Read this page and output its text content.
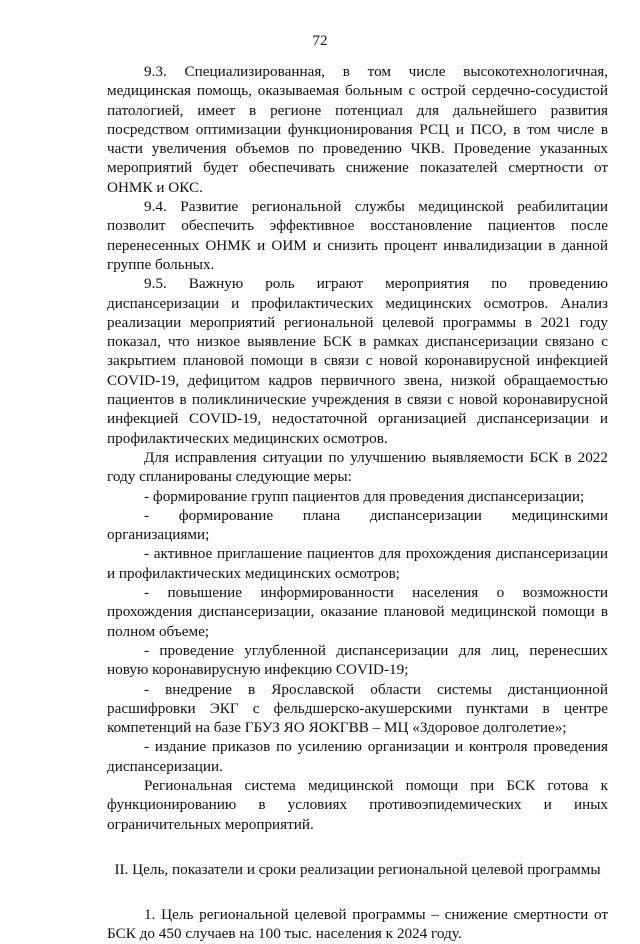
72

9.3. Специализированная, в том числе высокотехнологичная, медицинская помощь, оказываемая больным с острой сердечно-сосудистой патологией, имеет в регионе потенциал для дальнейшего развития посредством оптимизации функционирования РСЦ и ПСО, в том числе в части увеличения объемов по проведению ЧКВ. Проведение указанных мероприятий будет обеспечивать снижение показателей смертности от ОНМК и ОКС.

9.4. Развитие региональной службы медицинской реабилитации позволит обеспечить эффективное восстановление пациентов после перенесенных ОНМК и ОИМ и снизить процент инвалидизации в данной группе больных.

9.5. Важную роль играют мероприятия по проведению диспансеризации и профилактических медицинских осмотров. Анализ реализации мероприятий региональной целевой программы в 2021 году показал, что низкое выявление БСК в рамках диспансеризации связано с закрытием плановой помощи в связи с новой коронавирусной инфекцией COVID-19, дефицитом кадров первичного звена, низкой обращаемостью пациентов в поликлинические учреждения в связи с новой коронавирусной инфекцией COVID-19, недостаточной организацией диспансеризации и профилактических медицинских осмотров.

Для исправления ситуации по улучшению выявляемости БСК в 2022 году спланированы следующие меры:

- формирование групп пациентов для проведения диспансеризации;

- формирование плана диспансеризации медицинскими организациями;

- активное приглашение пациентов для прохождения диспансеризации и профилактических медицинских осмотров;

- повышение информированности населения о возможности прохождения диспансеризации, оказание плановой медицинской помощи в полном объеме;

- проведение углубленной диспансеризации для лиц, перенесших новую коронавирусную инфекцию COVID-19;

- внедрение в Ярославской области системы дистанционной расшифровки ЭКГ с фельдшерско-акушерскими пунктами в центре компетенций на базе ГБУЗ ЯО ЯОКГВВ – МЦ «Здоровое долголетие»;

- издание приказов по усилению организации и контроля проведения диспансеризации.

Региональная система медицинской помощи при БСК готова к функционированию в условиях противоэпидемических и иных ограничительных мероприятий.

II. Цель, показатели и сроки реализации региональной целевой программы

1. Цель региональной целевой программы – снижение смертности от БСК до 450 случаев на 100 тыс. населения к 2024 году.
